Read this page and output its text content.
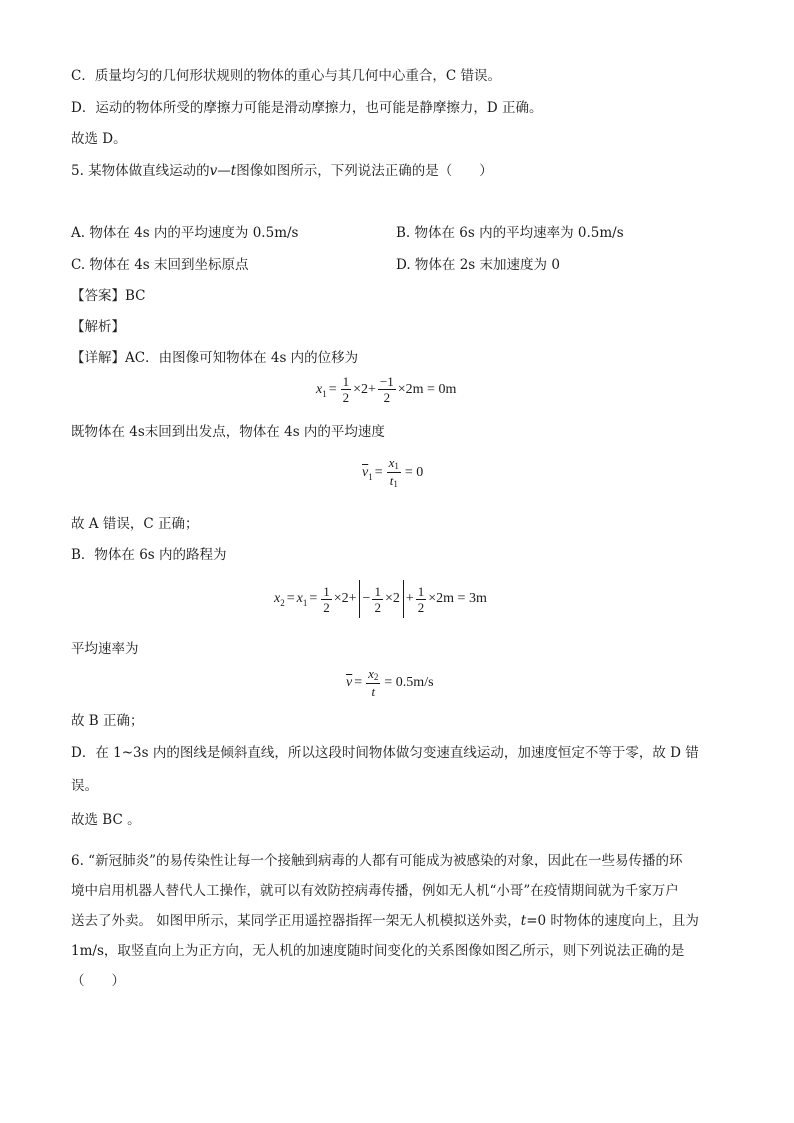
C．质量均匀的几何形状规则的物体的重心与其几何中心重合，C 错误。
D．运动的物体所受的摩擦力可能是滑动摩擦力，也可能是静摩擦力，D 正确。
故选 D。
5. 某物体做直线运动的v—t图像如图所示，下列说法正确的是（　　）
A. 物体在 4s 内的平均速度为 0.5m/s	B. 物体在 6s 内的平均速率为 0.5m/s
C. 物体在 4s 末回到坐标原点	D. 物体在 2s 末加速度为 0
【答案】BC
【解析】
【详解】AC．由图像可知物体在 4s 内的位移为
x $1 = \frac{1}{2} \times 2+ \frac{-1}{2} \times 2m = 0m$
既物体在 4s末回到出发点，物体在 4s 内的平均速度
$\overline{v}$ $1 = \frac{x1}{t1} = 0$
故 A 错误，C 正确；
B．物体在 6s 内的路程为
x 2 = x $1 = \frac{1}{2} \times 2+ - \frac{1}{2} \times 2 + \frac{1}{2} \times 2m = 3m$
平均速率为
$\overline{v} = \frac{x2}{t} = 0.5m/s$
故 B 正确；
D．在 1~3s 内的图线是倾斜直线，所以这段时间物体做匀变速直线运动，加速度恒定不等于零，故 D 错
误。
故选 BC 。
6. “新冠肺炎”的易传染性让每一个接触到病毒的人都有可能成为被感染的对象，因此在一些易传播的环
境中启用机器人替代人工操作，就可以有效防控病毒传播，例如无人机“小哥”在疫情期间就为千家万户
送去了外卖。 如图甲所示，某同学正用遥控器指挥一架无人机模拟送外卖，t=0 时物体的速度向上，且为
1m/s，取竖直向上为正方向，无人机的加速度随时间变化的关系图像如图乙所示，则下列说法正确的是
（　　）
